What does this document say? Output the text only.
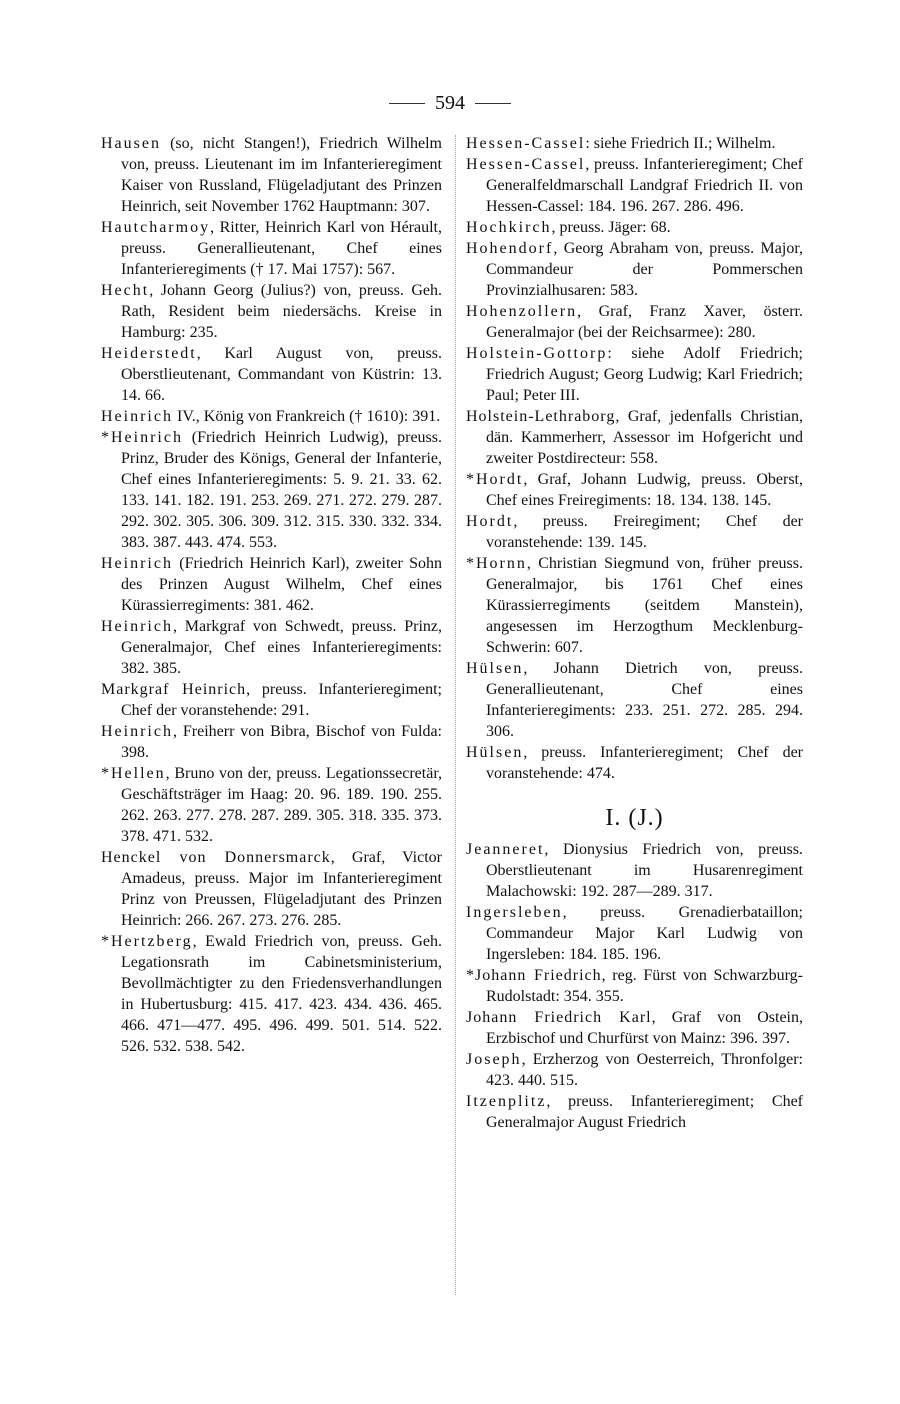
594

Hausen (so, nicht Stangen!), Friedrich Wilhelm von, preuss. Lieutenant im im Infanterieregiment Kaiser von Russland, Flügeladjutant des Prinzen Heinrich, seit November 1762 Hauptmann: 307.

Hautcharmoy, Ritter, Heinrich Karl von Hérault, preuss. Generallieutenant, Chef eines Infanterieregiments († 17. Mai 1757): 567.

Hecht, Johann Georg (Julius?) von, preuss. Geh. Rath, Resident beim niedersächs. Kreise in Hamburg: 235.

Heiderstedt, Karl August von, preuss. Oberstlieutenant, Commandant von Küstrin: 13. 14. 66.

Heinrich IV., König von Frankreich († 1610): 391.

*Heinrich (Friedrich Heinrich Ludwig), preuss. Prinz, Bruder des Königs, General der Infanterie, Chef eines Infanterieregiments: 5. 9. 21. 33. 62. 133. 141. 182. 191. 253. 269. 271. 272. 279. 287. 292. 302. 305. 306. 309. 312. 315. 330. 332. 334. 383. 387. 443. 474. 553.

Heinrich (Friedrich Heinrich Karl), zweiter Sohn des Prinzen August Wilhelm, Chef eines Kürassierregiments: 381. 462.

Heinrich, Markgraf von Schwedt, preuss. Prinz, Generalmajor, Chef eines Infanterieregiments: 382. 385.

Markgraf Heinrich, preuss. Infanterieregiment; Chef der voranstehende: 291.

Heinrich, Freiherr von Bibra, Bischof von Fulda: 398.

*Hellen, Bruno von der, preuss. Legationssecretär, Geschäftsträger im Haag: 20. 96. 189. 190. 255. 262. 263. 277. 278. 287. 289. 305. 318. 335. 373. 378. 471. 532.

Henckel von Donnersmarck, Graf, Victor Amadeus, preuss. Major im Infanterieregiment Prinz von Preussen, Flügeladjutant des Prinzen Heinrich: 266. 267. 273. 276. 285.

*Hertzberg, Ewald Friedrich von, preuss. Geh. Legationsrath im Cabinetsministerium, Bevollmächtigter zu den Friedensverhandlungen in Hubertusburg: 415. 417. 423. 434. 436. 465. 466. 471—477. 495. 496. 499. 501. 514. 522. 526. 532. 538. 542.

Hessen-Cassel: siehe Friedrich II.; Wilhelm.

Hessen-Cassel, preuss. Infanterieregiment; Chef Generalfeldmarschall Landgraf Friedrich II. von Hessen-Cassel: 184. 196. 267. 286. 496.

Hochkirch, preuss. Jäger: 68.

Hohendorf, Georg Abraham von, preuss. Major, Commandeur der Pommerschen Provinzialhusaren: 583.

Hohenzollern, Graf, Franz Xaver, österr. Generalmajor (bei der Reichsarmee): 280.

Holstein-Gottorp: siehe Adolf Friedrich; Friedrich August; Georg Ludwig; Karl Friedrich; Paul; Peter III.

Holstein-Lethraborg, Graf, jedenfalls Christian, dän. Kammerherr, Assessor im Hofgericht und zweiter Postdirecteur: 558.

*Hordt, Graf, Johann Ludwig, preuss. Oberst, Chef eines Freiregiments: 18. 134. 138. 145.

Hordt, preuss. Freiregiment; Chef der voranstehende: 139. 145.

*Hornn, Christian Siegmund von, früher preuss. Generalmajor, bis 1761 Chef eines Kürassierregiments (seitdem Manstein), angesessen im Herzogthum Mecklenburg-Schwerin: 607.

Hülsen, Johann Dietrich von, preuss. Generallieutenant, Chef eines Infanterieregiments: 233. 251. 272. 285. 294. 306.

Hülsen, preuss. Infanterieregiment; Chef der voranstehende: 474.

I. (J.)

Jeanneret, Dionysius Friedrich von, preuss. Oberstlieutenant im Husarenregiment Malachowski: 192. 287—289. 317.

Ingersleben, preuss. Grenadierbataillon; Commandeur Major Karl Ludwig von Ingersleben: 184. 185. 196.

*Johann Friedrich, reg. Fürst von Schwarzburg-Rudolstadt: 354. 355.

Johann Friedrich Karl, Graf von Ostein, Erzbischof und Churfürst von Mainz: 396. 397.

Joseph, Erzherzog von Oesterreich, Thronfolger: 423. 440. 515.

Itzenplitz, preuss. Infanterieregiment; Chef Generalmajor August Friedrich
